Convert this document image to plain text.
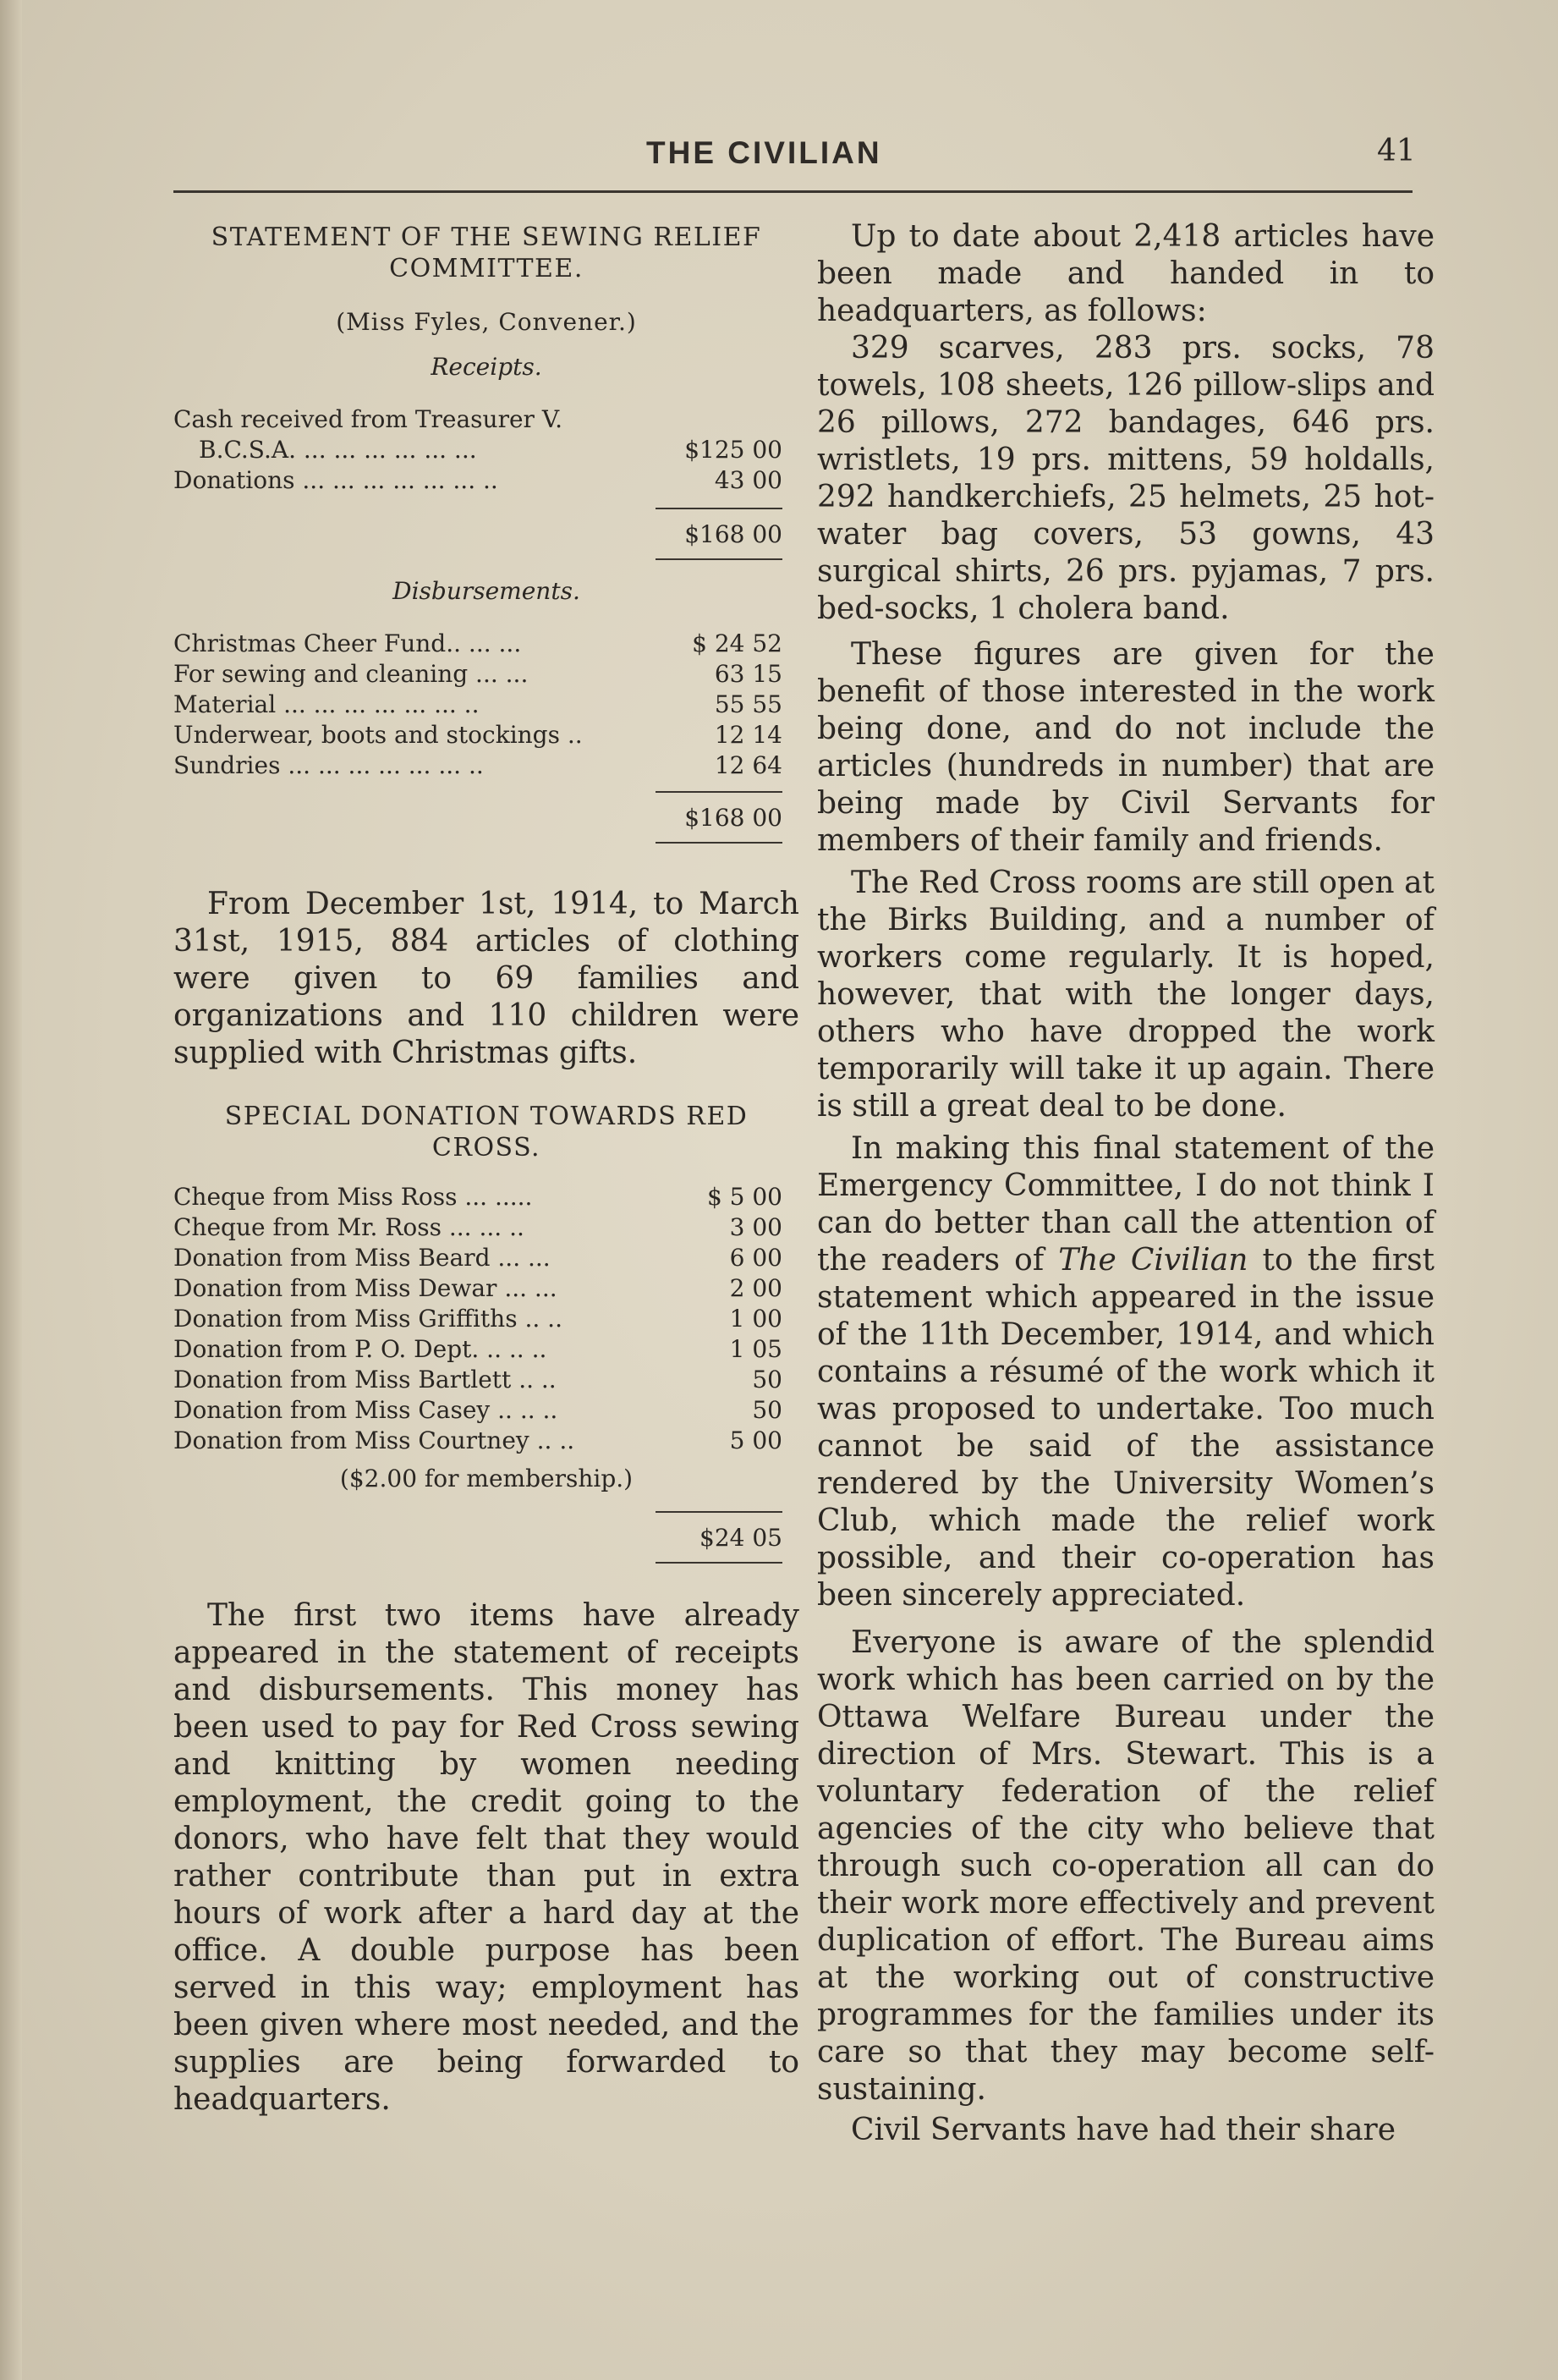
THE CIVILIAN	41

STATEMENT OF THE SEWING RELIEF

COMMITTEE.

(Miss Fyles, Convener.)

Receipts.

Cash received from Treasurer V.
B.C.S.A. ... ... ... ... ... ...	$125 00
Donations ... ... ... ... ... ... ..	43 00
$168 00

Disbursements.

Christmas Cheer Fund.. ... ...	$ 24 52
For sewing and cleaning ... ...	63 15
Material ... ... ... ... ... ... ..	55 55
Underwear, boots and stockings ..	12 14
Sundries ... ... ... ... ... ... ..	12 64
$168 00

From December 1st, 1914, to March 31st, 1915, 884 articles of clothing were given to 69 families and organizations and 110 children were supplied with Christmas gifts.

SPECIAL DONATION TOWARDS RED

CROSS.

Cheque from Miss Ross ... .....	$ 5 00
Cheque from Mr. Ross ... ... ..	3 00
Donation from Miss Beard ... ...	6 00
Donation from Miss Dewar ... ...	2 00
Donation from Miss Griffiths .. ..	1 00
Donation from P. O. Dept. .. .. ..	1 05
Donation from Miss Bartlett .. ..	50
Donation from Miss Casey .. .. ..	50
Donation from Miss Courtney .. ..	5 00
($2.00 for membership.)
$24 05

The first two items have already appeared in the statement of receipts and disbursements. This money has been used to pay for Red Cross sewing and knitting by women needing employment, the credit going to the donors, who have felt that they would rather contribute than put in extra hours of work after a hard day at the office. A double purpose has been served in this way; employment has been given where most needed, and the supplies are being forwarded to headquarters.

Up to date about 2,418 articles have been made and handed in to headquarters, as follows:

329 scarves, 283 prs. socks, 78 towels, 108 sheets, 126 pillow-slips and 26 pillows, 272 bandages, 646 prs. wristlets, 19 prs. mittens, 59 holdalls, 292 handkerchiefs, 25 helmets, 25 hot-water bag covers, 53 gowns, 43 surgical shirts, 26 prs. pyjamas, 7 prs. bed-socks, 1 cholera band.

These figures are given for the benefit of those interested in the work being done, and do not include the articles (hundreds in number) that are being made by Civil Servants for members of their family and friends.

The Red Cross rooms are still open at the Birks Building, and a number of workers come regularly. It is hoped, however, that with the longer days, others who have dropped the work temporarily will take it up again. There is still a great deal to be done.

In making this final statement of the Emergency Committee, I do not think I can do better than call the attention of the readers of The Civilian to the first statement which appeared in the issue of the 11th December, 1914, and which contains a résumé of the work which it was proposed to undertake. Too much cannot be said of the assistance rendered by the University Women’s Club, which made the relief work possible, and their co-operation has been sincerely appreciated.

Everyone is aware of the splendid work which has been carried on by the Ottawa Welfare Bureau under the direction of Mrs. Stewart. This is a voluntary federation of the relief agencies of the city who believe that through such co-operation all can do their work more effectively and prevent duplication of effort. The Bureau aims at the working out of constructive programmes for the families under its care so that they may become self-sustaining.

Civil Servants have had their share
